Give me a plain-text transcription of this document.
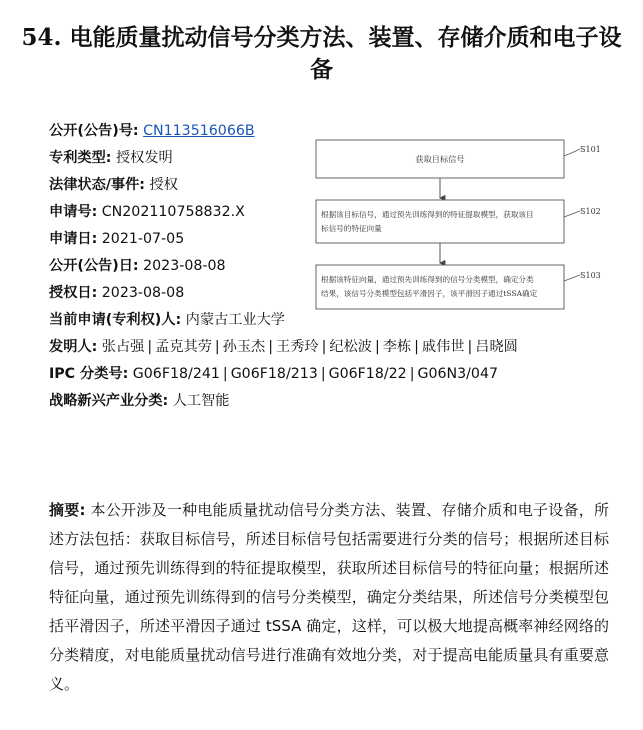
54. 电能质量扰动信号分类方法、装置、存储介质和电子设备
公开(公告)号: CN113516066B
专利类型: 授权发明
法律状态/事件: 授权
申请号: CN202110758832.X
申请日: 2021-07-05
公开(公告)日: 2023-08-08
授权日: 2023-08-08
当前申请(专利权)人: 内蒙古工业大学
发明人: 张占强 | 孟克其劳 | 孙玉杰 | 王秀玲 | 纪松波 | 李栋 | 戚伟世 | 吕晓圆
IPC 分类号: G06F18/241 | G06F18/213 | G06F18/22 | G06N3/047
战略新兴产业分类: 人工智能
获取目标信号
S101
根据该目标信号，通过预先训练得到的特征提取模型，获取该目
标信号的特征向量
S102
根据该特征向量，通过预先训练得到的信号分类模型，确定分类
结果，该信号分类模型包括平滑因子，该平滑因子通过tSSA确定
S103
摘要: 本公开涉及一种电能质量扰动信号分类方法、装置、存储介质和电子设备，所述方法包括：获取目标信号，所述目标信号包括需要进行分类的信号；根据所述目标信号，通过预先训练得到的特征提取模型，获取所述目标信号的特征向量；根据所述特征向量，通过预先训练得到的信号分类模型，确定分类结果，所述信号分类模型包括平滑因子，所述平滑因子通过 tSSA 确定，这样，可以极大地提高概率神经网络的分类精度，对电能质量扰动信号进行准确有效地分类，对于提高电能质量具有重要意义。
